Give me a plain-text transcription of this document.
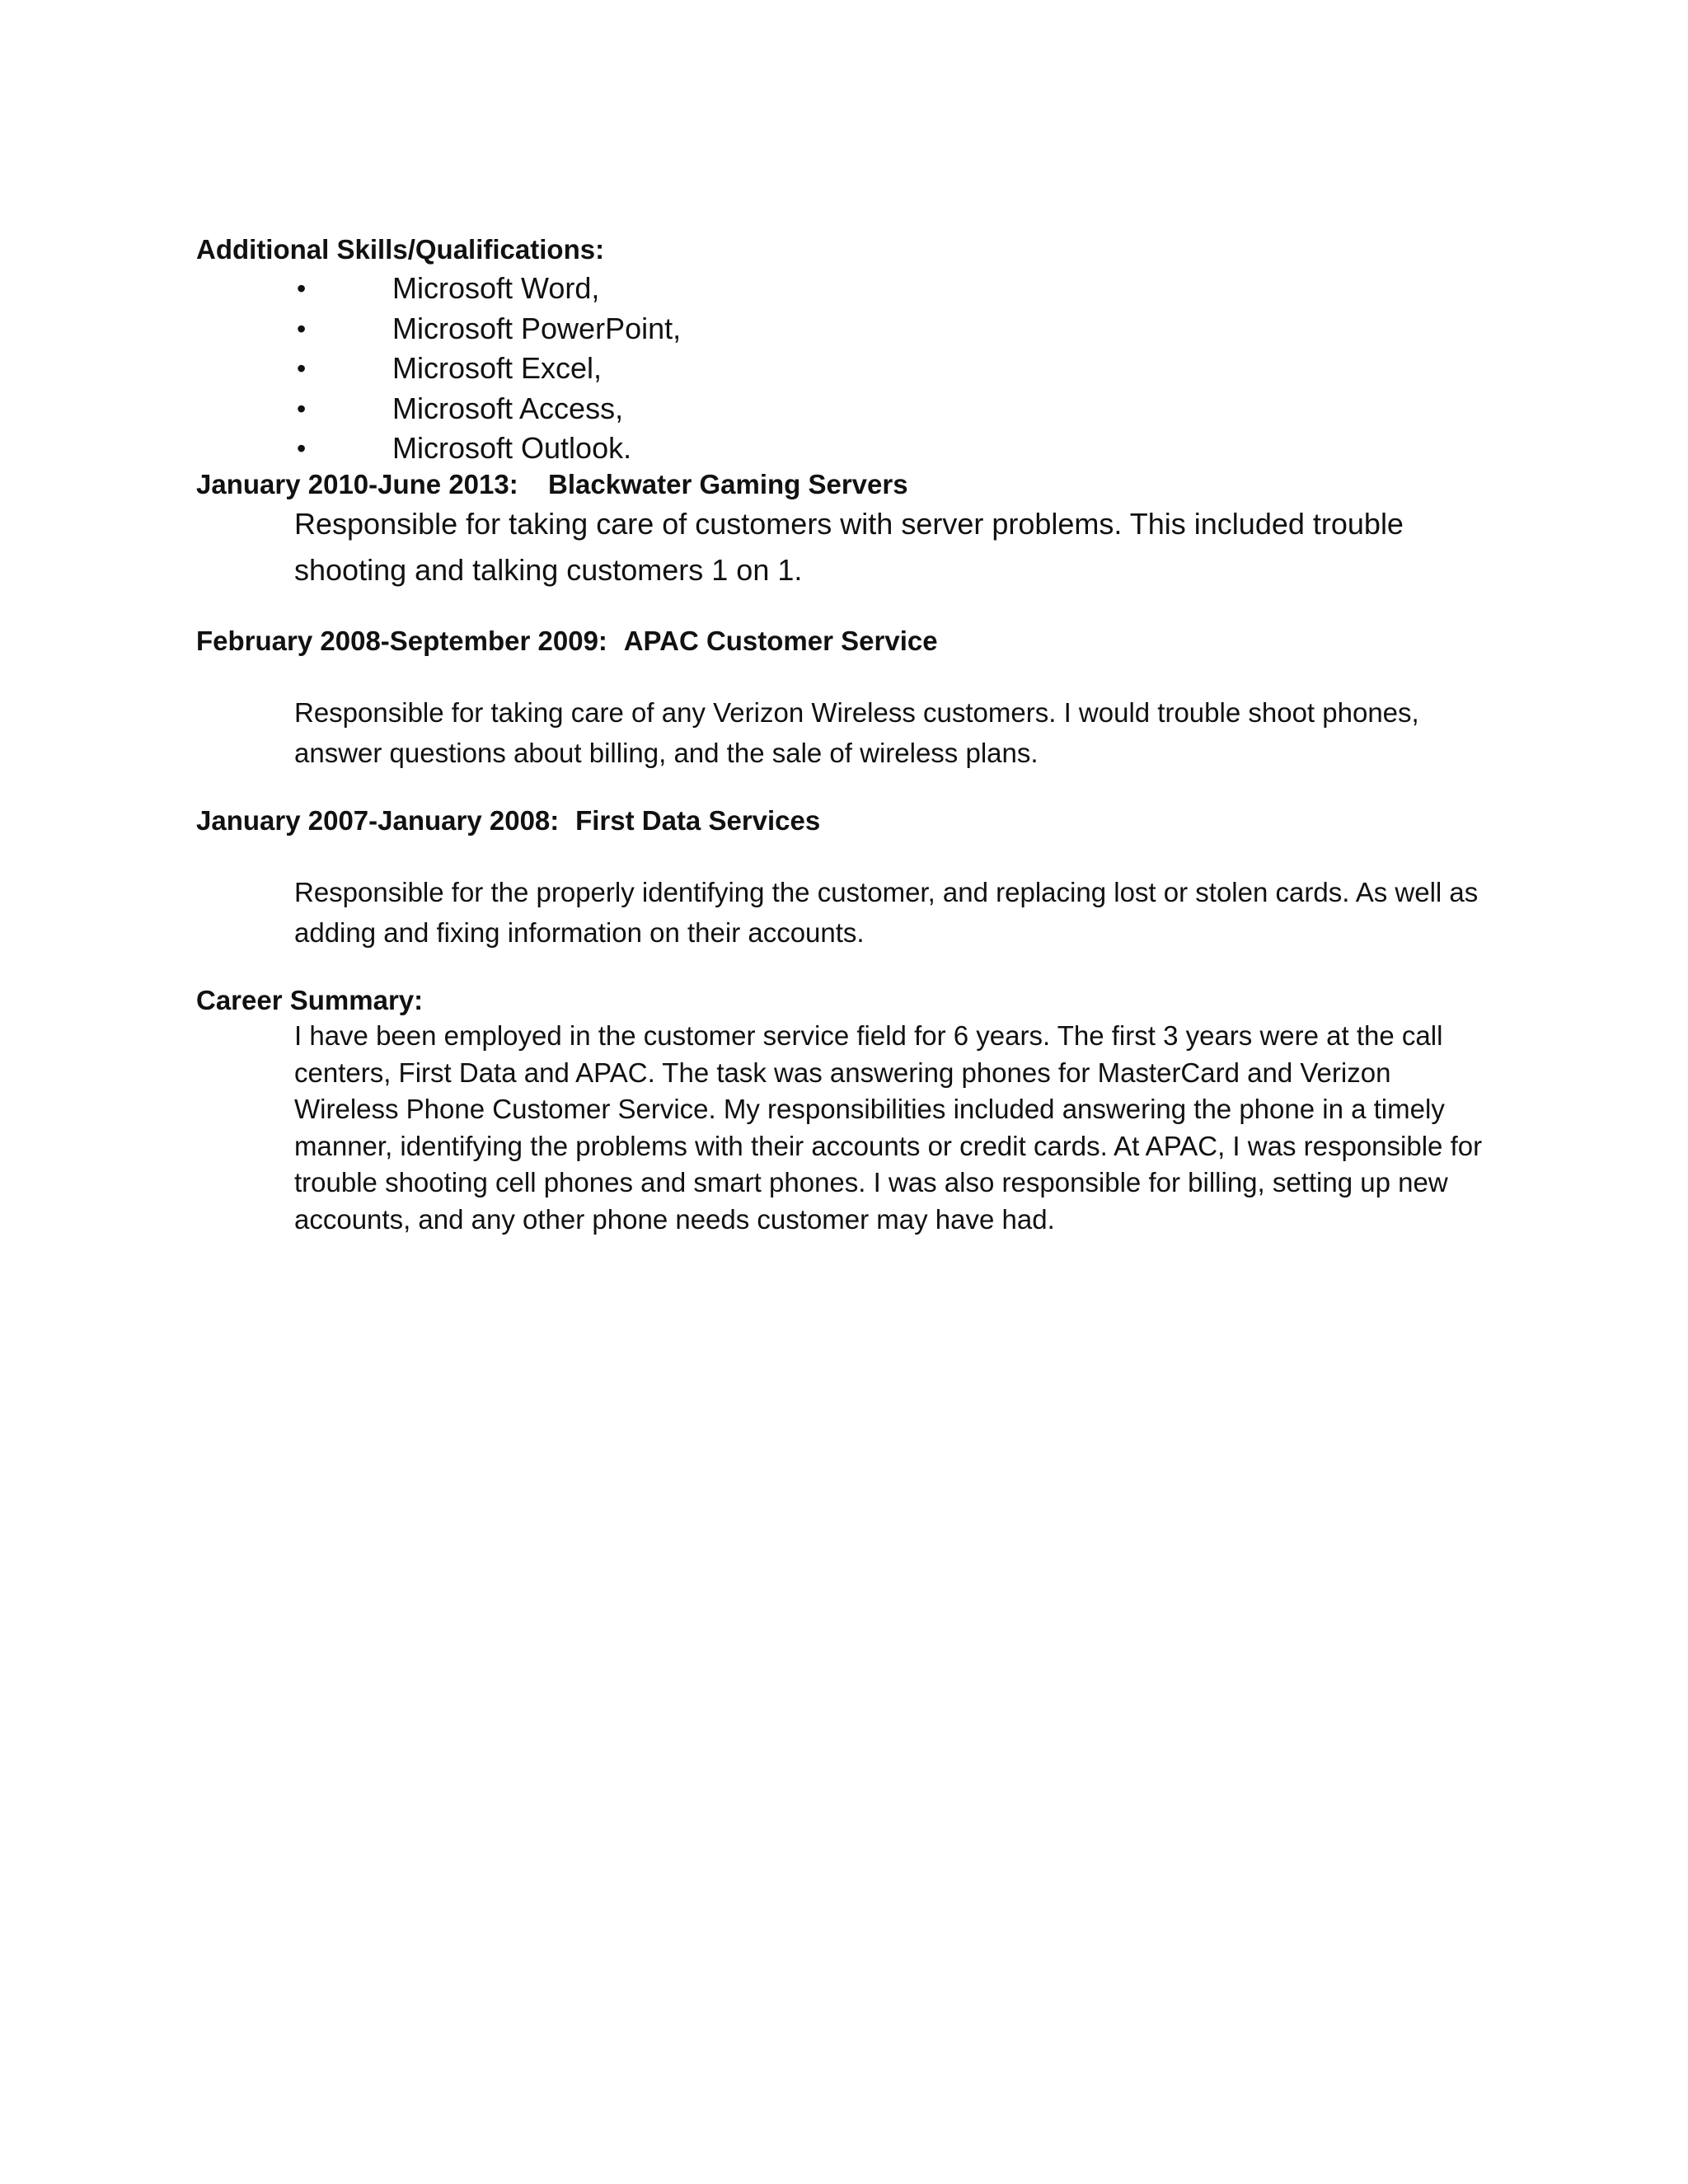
Additional Skills/Qualifications:
•	Microsoft Word,
•	Microsoft PowerPoint,
•	Microsoft Excel,
•	Microsoft Access,
•	Microsoft Outlook.
January 2010-June 2013: Blackwater Gaming Servers

Responsible for taking care of customers with server problems. This included trouble shooting and talking customers 1 on 1.

February 2008-September 2009: APAC Customer Service

Responsible for taking care of any Verizon Wireless customers. I would trouble shoot phones, answer questions about billing, and the sale of wireless plans.

January 2007-January 2008: First Data Services

Responsible for the properly identifying the customer, and replacing lost or stolen cards. As well as adding and fixing information on their accounts.

Career Summary:

I have been employed in the customer service field for 6 years. The first 3 years were at the call centers, First Data and APAC. The task was answering phones for MasterCard and Verizon Wireless Phone Customer Service. My responsibilities included answering the phone in a timely manner, identifying the problems with their accounts or credit cards. At APAC, I was responsible for trouble shooting cell phones and smart phones. I was also responsible for billing, setting up new accounts, and any other phone needs customer may have had.
